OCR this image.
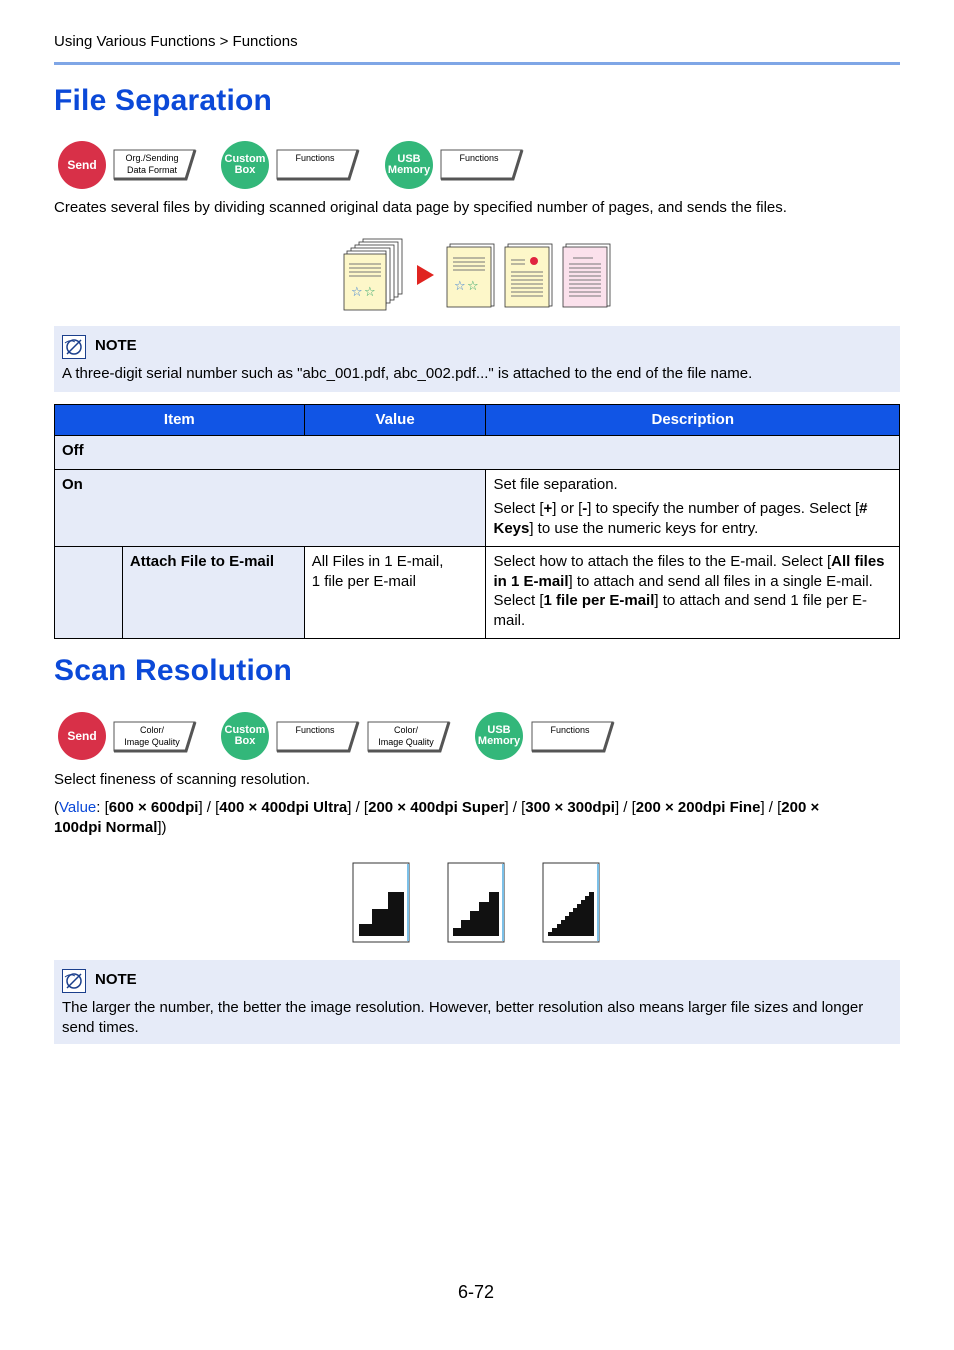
Using Various Functions > Functions
File Separation
Send	Org./Sending
Data Format
Custom
Box
Functions	USB
Memory
Functions
Creates several files by dividing scanned original data page by specified number of pages, and sends the files.
☆ ☆	☆ ☆
NOTE
A three-digit serial number such as "abc_001.pdf, abc_002.pdf..." is attached to the end of the file name.
Item		Value	Description
Off			
On			Set file separation.
Select [+] or [-] to specify the number of pages. Select [# Keys] to use the numeric keys for entry.

	Attach File to E-mail	All Files in 1 E-mail,
1 file per E-mail	Select how to attach the files to the E-mail. Select [All files in 1 E-mail] to attach and send all files in a single E-mail. Select [1 file per E-mail] to attach and send 1 file per E-mail.
Scan Resolution
Send	Color/
Image Quality
Custom
Box
Functions	Color/
Image Quality
USB
Memory
Functions
Select fineness of scanning resolution.
(Value: [600 × 600dpi] / [400 × 400dpi Ultra] / [200 × 400dpi Super] / [300 × 300dpi] / [200 × 200dpi Fine] / [200 × 100dpi Normal])
NOTE
The larger the number, the better the image resolution. However, better resolution also means larger file sizes and longer send times.
6-72
